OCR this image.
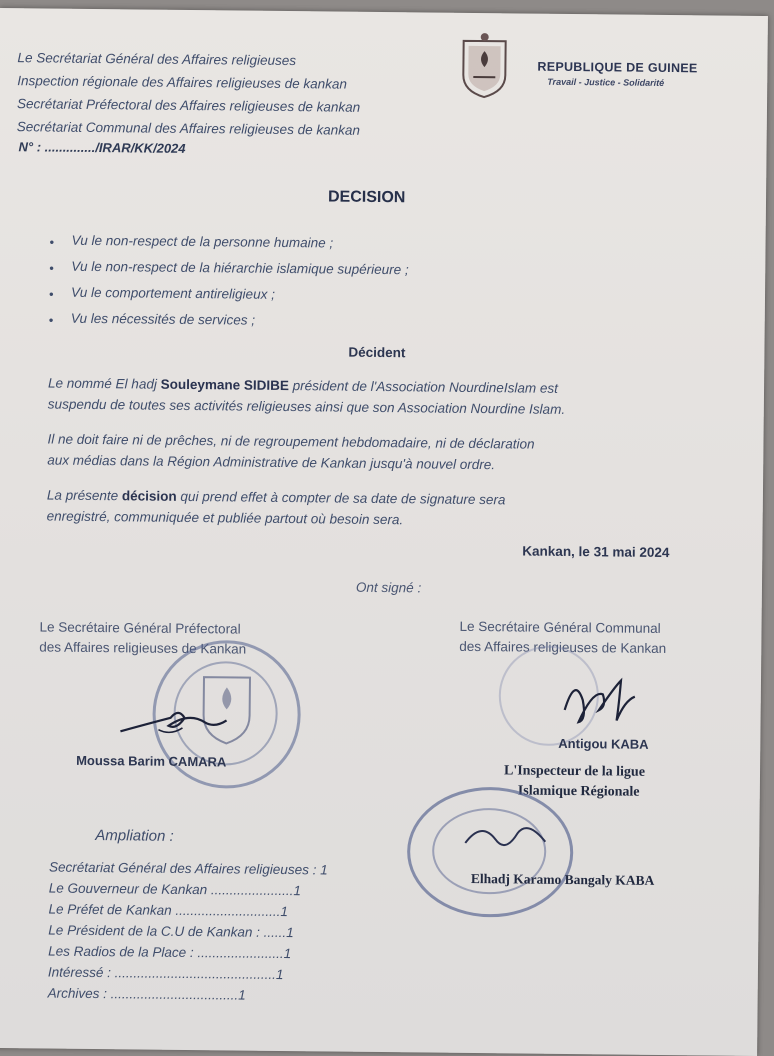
Le Secrétariat Général des Affaires religieuses
Inspection régionale des Affaires religieuses de kankan
Secrétariat Préfectoral des Affaires religieuses de kankan
Secrétariat Communal des Affaires religieuses de kankan
N° : ............../IRAR/KK/2024
REPUBLIQUE DE GUINEE
Travail - Justice - Solidarité
DECISION
• Vu le non-respect de la personne humaine ;
• Vu le non-respect de la hiérarchie islamique supérieure ;
• Vu le comportement antireligieux ;
• Vu les nécessités de services ;
Décident
Le nommé El hadj Souleymane SIDIBE président de l'Association NourdineIslam est
suspendu de toutes ses activités religieuses ainsi que son Association Nourdine Islam.
Il ne doit faire ni de prêches, ni de regroupement hebdomadaire, ni de déclaration
aux médias dans la Région Administrative de Kankan jusqu'à nouvel ordre.
La présente décision qui prend effet à compter de sa date de signature sera
enregistré, communiquée et publiée partout où besoin sera.
Kankan, le 31 mai 2024
Ont signé :
Le Secrétaire Général Préfectoral
des Affaires religieuses de Kankan
Moussa Barim CAMARA
Le Secrétaire Général Communal
des Affaires religieuses de Kankan
Antigou KABA
L'Inspecteur de la ligue
Islamique Régionale
Elhadj Karamo Bangaly KABA
Ampliation :
Secrétariat Général des Affaires religieuses : 1
Le Gouverneur de Kankan ......................1
Le Préfet de Kankan ............................1
Le Président de la C.U de Kankan : ......1
Les Radios de la Place : .......................1
Intéressé : ...........................................1
Archives : ..................................1
